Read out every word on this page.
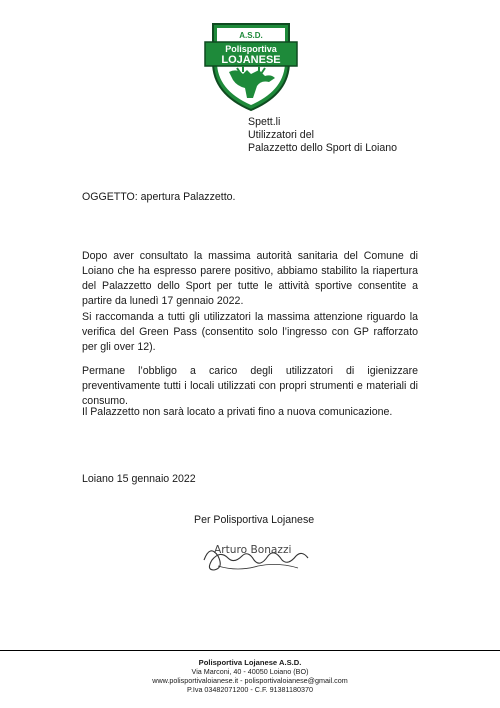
A.S.D.
Polisportiva
LOJANESE
Spett.li
Utilizzatori del
Palazzetto dello Sport di Loiano
OGGETTO: apertura Palazzetto.

Dopo aver consultato la massima autorità sanitaria del Comune di Loiano che ha espresso parere positivo, abbiamo stabilito la riapertura del Palazzetto dello Sport per tutte le attività sportive consentite a partire da lunedì 17 gennaio 2022.

Si raccomanda a tutti gli utilizzatori la massima attenzione riguardo la verifica del Green Pass (consentito solo l’ingresso con GP rafforzato per gli over 12).

Permane l’obbligo a carico degli utilizzatori di igienizzare preventivamente tutti i locali utilizzati con propri strumenti e materiali di consumo.

Il Palazzetto non sarà locato a privati fino a nuova comunicazione.

Loiano 15 gennaio 2022
Per Polisportiva Lojanese
Arturo Bonazzi
Polisportiva Lojanese A.S.D.
Via Marconi, 40 - 40050 Loiano (BO)
www.polisportivaloianese.it - polisportivaloianese@gmail.com
P.Iva 03482071200 - C.F. 91381180370
